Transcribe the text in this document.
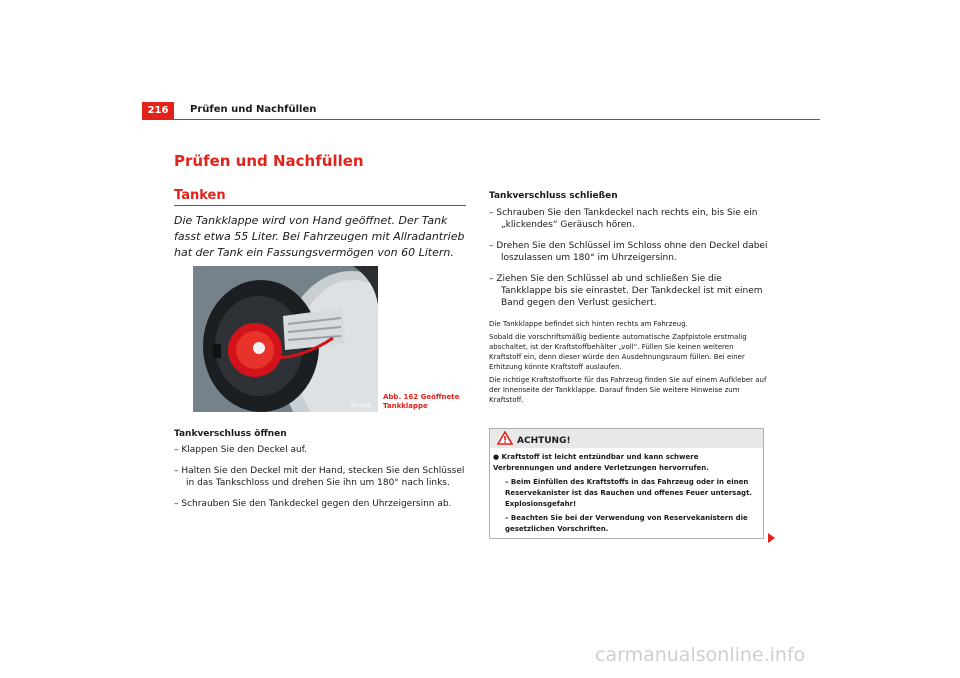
216	Prüfen und Nachfüllen
Prüfen und Nachfüllen
Tanken
Die Tankklappe wird von Hand geöffnet. Der Tank fasst etwa 55 Liter. Bei Fahrzeugen mit Allradantrieb hat der Tank ein Fassungsvermögen von 60 Litern.
B5P-0108
Abb. 162 Geöffnete
Tankklappe
Tankverschluss öffnen
– Klappen Sie den Deckel auf.
– Halten Sie den Deckel mit der Hand, stecken Sie den Schlüssel in das Tankschloss und drehen Sie ihn um 180° nach links.
– Schrauben Sie den Tankdeckel gegen den Uhrzeigersinn ab.
Tankverschluss schließen
– Schrauben Sie den Tankdeckel nach rechts ein, bis Sie ein „klickendes“ Geräusch hören.
– Drehen Sie den Schlüssel im Schloss ohne den Deckel dabei loszulassen um 180° im Uhrzeigersinn.
– Ziehen Sie den Schlüssel ab und schließen Sie die Tankklappe bis sie einrastet. Der Tankdeckel ist mit einem Band gegen den Verlust gesichert.
Die Tankklappe befindet sich hinten rechts am Fahrzeug.
Sobald die vorschriftsmäßig bediente automatische Zapfpistole erstmalig abschaltet, ist der Kraftstoffbehälter „voll“. Füllen Sie keinen weiteren Kraftstoff ein, denn dieser würde den Ausdehnungsraum füllen. Bei einer Erhitzung könnte Kraftstoff auslaufen.
Die richtige Kraftstoffsorte für das Fahrzeug finden Sie auf einem Aufkleber auf der Innenseite der Tankklappe. Darauf finden Sie weitere Hinweise zum Kraftstoff.
ACHTUNG!
● Kraftstoff ist leicht entzündbar und kann schwere Verbrennungen und andere Verletzungen hervorrufen.
– Beim Einfüllen des Kraftstoffs in das Fahrzeug oder in einen Reservekanister ist das Rauchen und offenes Feuer untersagt. Explosionsgefahr!
– Beachten Sie bei der Verwendung von Reservekanistern die gesetzlichen Vorschriften.
carmanualsonline.info
